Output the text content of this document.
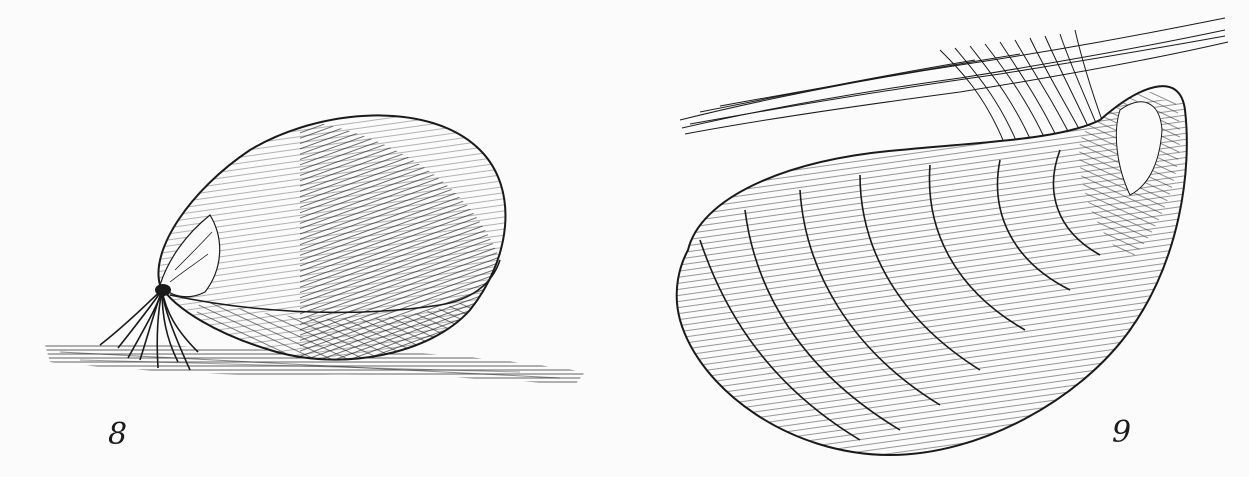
8	9
